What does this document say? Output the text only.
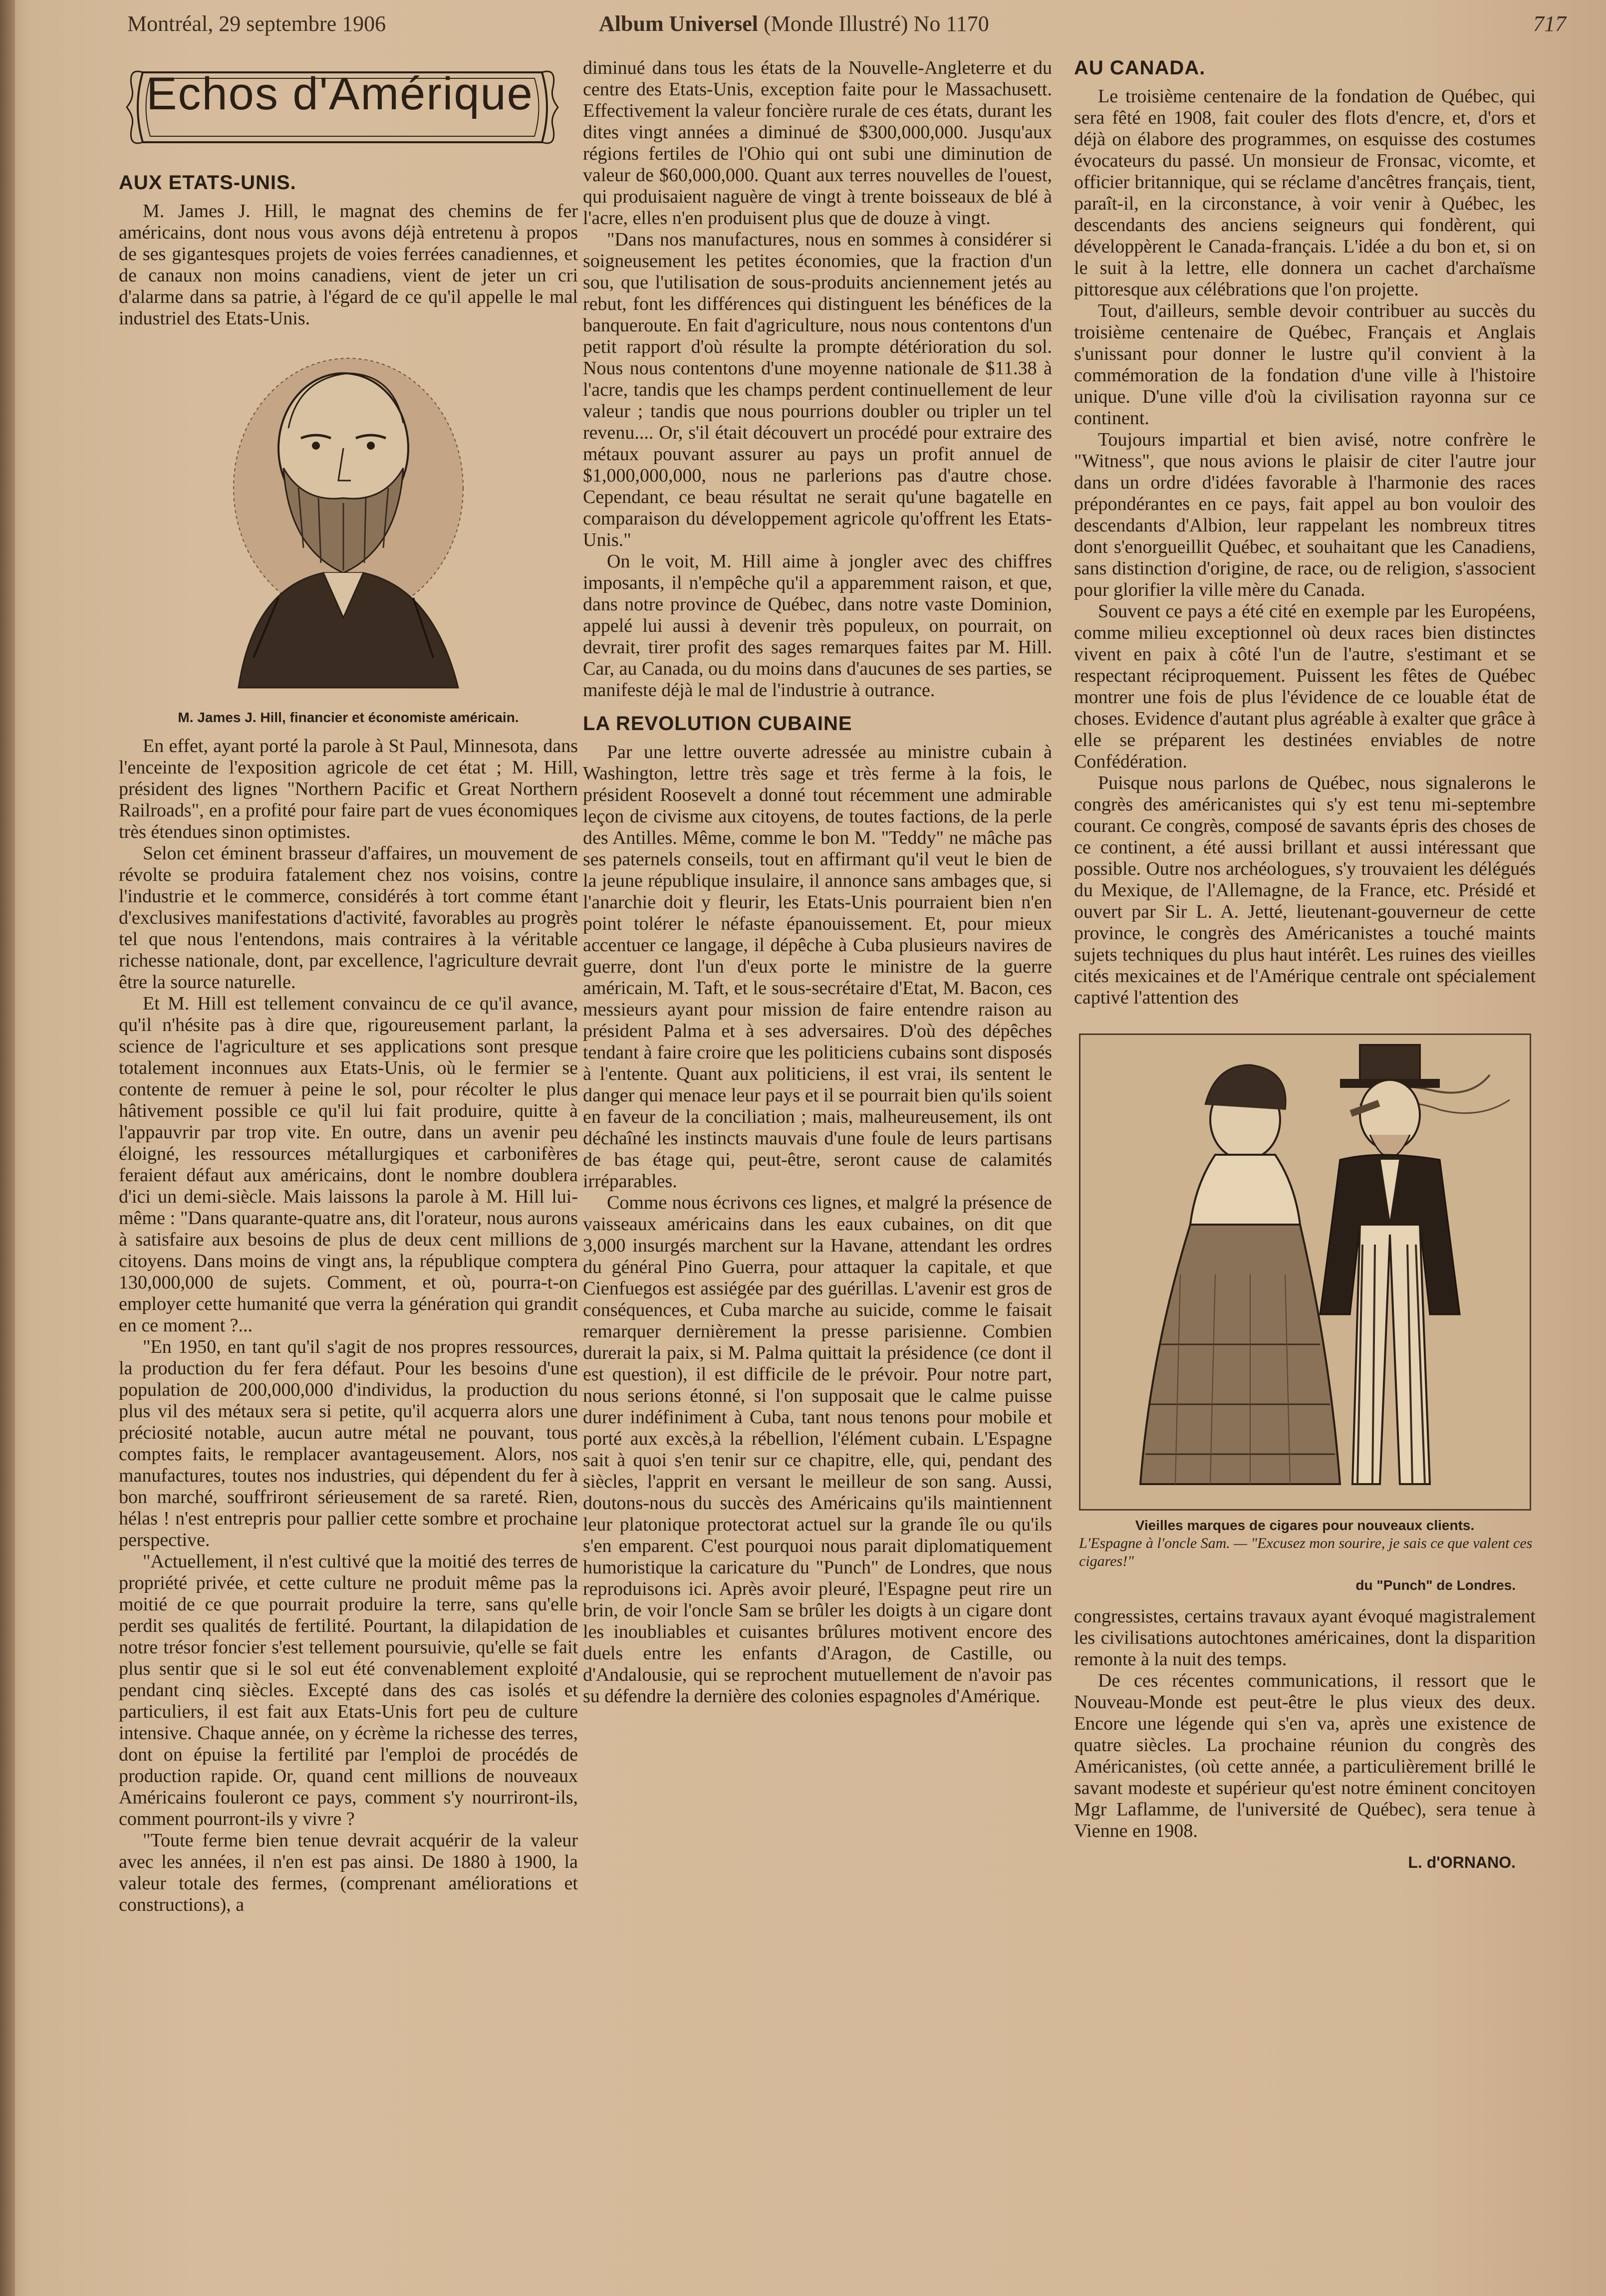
Montréal, 29 septembre 1906	Album Universel (Monde Illustré) No 1170	717
Echos d'Amérique
AUX ETATS-UNIS.

M. James J. Hill, le magnat des chemins de fer américains, dont nous vous avons déjà entretenu à propos de ses gigantesques projets de voies ferrées canadiennes, et de canaux non moins canadiens, vient de jeter un cri d'alarme dans sa patrie, à l'égard de ce qu'il appelle le mal industriel des Etats-Unis.

M. James J. Hill, financier et économiste américain.

En effet, ayant porté la parole à St Paul, Minnesota, dans l'enceinte de l'exposition agricole de cet état ; M. Hill, président des lignes "Northern Pacific et Great Northern Railroads", en a profité pour faire part de vues économiques très étendues sinon optimistes.

Selon cet éminent brasseur d'affaires, un mouvement de révolte se produira fatalement chez nos voisins, contre l'industrie et le commerce, considérés à tort comme étant d'exclusives manifestations d'activité, favorables au progrès tel que nous l'entendons, mais contraires à la véritable richesse nationale, dont, par excellence, l'agriculture devrait être la source naturelle.

Et M. Hill est tellement convaincu de ce qu'il avance, qu'il n'hésite pas à dire que, rigoureusement parlant, la science de l'agriculture et ses applications sont presque totalement inconnues aux Etats-Unis, où le fermier se contente de remuer à peine le sol, pour récolter le plus hâtivement possible ce qu'il lui fait produire, quitte à l'appauvrir par trop vite. En outre, dans un avenir peu éloigné, les ressources métallurgiques et carbonifères feraient défaut aux américains, dont le nombre doublera d'ici un demi-siècle. Mais laissons la parole à M. Hill lui-même : "Dans quarante-quatre ans, dit l'orateur, nous aurons à satisfaire aux besoins de plus de deux cent millions de citoyens. Dans moins de vingt ans, la république comptera 130,000,000 de sujets. Comment, et où, pourra-t-on employer cette humanité que verra la génération qui grandit en ce moment ?...

"En 1950, en tant qu'il s'agit de nos propres ressources, la production du fer fera défaut. Pour les besoins d'une population de 200,000,000 d'individus, la production du plus vil des métaux sera si petite, qu'il acquerra alors une préciosité notable, aucun autre métal ne pouvant, tous comptes faits, le remplacer avantageusement. Alors, nos manufactures, toutes nos industries, qui dépendent du fer à bon marché, souffriront sérieusement de sa rareté. Rien, hélas ! n'est entrepris pour pallier cette sombre et prochaine perspective.

"Actuellement, il n'est cultivé que la moitié des terres de propriété privée, et cette culture ne produit même pas la moitié de ce que pourrait produire la terre, sans qu'elle perdit ses qualités de fertilité. Pourtant, la dilapidation de notre trésor foncier s'est tellement poursuivie, qu'elle se fait plus sentir que si le sol eut été convenablement exploité pendant cinq siècles. Excepté dans des cas isolés et particuliers, il est fait aux Etats-Unis fort peu de culture intensive. Chaque année, on y écrème la richesse des terres, dont on épuise la fertilité par l'emploi de procédés de production rapide. Or, quand cent millions de nouveaux Américains fouleront ce pays, comment s'y nourriront-ils, comment pourront-ils y vivre ?

"Toute ferme bien tenue devrait acquérir de la valeur avec les années, il n'en est pas ainsi. De 1880 à 1900, la valeur totale des fermes, (comprenant améliorations et constructions), a

diminué dans tous les états de la Nouvelle-Angleterre et du centre des Etats-Unis, exception faite pour le Massachusett. Effectivement la valeur foncière rurale de ces états, durant les dites vingt années a diminué de $300,000,000. Jusqu'aux régions fertiles de l'Ohio qui ont subi une diminution de valeur de $60,000,000. Quant aux terres nouvelles de l'ouest, qui produisaient naguère de vingt à trente boisseaux de blé à l'acre, elles n'en produisent plus que de douze à vingt.

"Dans nos manufactures, nous en sommes à considérer si soigneusement les petites économies, que la fraction d'un sou, que l'utilisation de sous-produits anciennement jetés au rebut, font les différences qui distinguent les bénéfices de la banqueroute. En fait d'agriculture, nous nous contentons d'un petit rapport d'où résulte la prompte détérioration du sol. Nous nous contentons d'une moyenne nationale de $11.38 à l'acre, tandis que les champs perdent continuellement de leur valeur ; tandis que nous pourrions doubler ou tripler un tel revenu.... Or, s'il était découvert un procédé pour extraire des métaux pouvant assurer au pays un profit annuel de $1,000,000,000, nous ne parlerions pas d'autre chose. Cependant, ce beau résultat ne serait qu'une bagatelle en comparaison du développement agricole qu'offrent les Etats-Unis."

On le voit, M. Hill aime à jongler avec des chiffres imposants, il n'empêche qu'il a apparemment raison, et que, dans notre province de Québec, dans notre vaste Dominion, appelé lui aussi à devenir très populeux, on pourrait, on devrait, tirer profit des sages remarques faites par M. Hill. Car, au Canada, ou du moins dans d'aucunes de ses parties, se manifeste déjà le mal de l'industrie à outrance.

LA REVOLUTION CUBAINE

Par une lettre ouverte adressée au ministre cubain à Washington, lettre très sage et très ferme à la fois, le président Roosevelt a donné tout récemment une admirable leçon de civisme aux citoyens, de toutes factions, de la perle des Antilles. Même, comme le bon M. "Teddy" ne mâche pas ses paternels conseils, tout en affirmant qu'il veut le bien de la jeune république insulaire, il annonce sans ambages que, si l'anarchie doit y fleurir, les Etats-Unis pourraient bien n'en point tolérer le néfaste épanouissement. Et, pour mieux accentuer ce langage, il dépêche à Cuba plusieurs navires de guerre, dont l'un d'eux porte le ministre de la guerre américain, M. Taft, et le sous-secrétaire d'Etat, M. Bacon, ces messieurs ayant pour mission de faire entendre raison au président Palma et à ses adversaires. D'où des dépêches tendant à faire croire que les politiciens cubains sont disposés à l'entente. Quant aux politiciens, il est vrai, ils sentent le danger qui menace leur pays et il se pourrait bien qu'ils soient en faveur de la conciliation ; mais, malheureusement, ils ont déchaîné les instincts mauvais d'une foule de leurs partisans de bas étage qui, peut-être, seront cause de calamités irréparables.

Comme nous écrivons ces lignes, et malgré la présence de vaisseaux américains dans les eaux cubaines, on dit que 3,000 insurgés marchent sur la Havane, attendant les ordres du général Pino Guerra, pour attaquer la capitale, et que Cienfuegos est assiégée par des guérillas. L'avenir est gros de conséquences, et Cuba marche au suicide, comme le faisait remarquer dernièrement la presse parisienne. Combien durerait la paix, si M. Palma quittait la présidence (ce dont il est question), il est difficile de le prévoir. Pour notre part, nous serions étonné, si l'on supposait que le calme puisse durer indéfiniment à Cuba, tant nous tenons pour mobile et porté aux excès,à la rébellion, l'élément cubain. L'Espagne sait à quoi s'en tenir sur ce chapitre, elle, qui, pendant des siècles, l'apprit en versant le meilleur de son sang. Aussi, doutons-nous du succès des Américains qu'ils maintiennent leur platonique protectorat actuel sur la grande île ou qu'ils s'en emparent. C'est pourquoi nous parait diplomatiquement humoristique la caricature du "Punch" de Londres, que nous reproduisons ici. Après avoir pleuré, l'Espagne peut rire un brin, de voir l'oncle Sam se brûler les doigts à un cigare dont les inoubliables et cuisantes brûlures motivent encore des duels entre les enfants d'Aragon, de Castille, ou d'Andalousie, qui se reprochent mutuellement de n'avoir pas su défendre la dernière des colonies espagnoles d'Amérique.

AU CANADA.

Le troisième centenaire de la fondation de Québec, qui sera fêté en 1908, fait couler des flots d'encre, et, d'ors et déjà on élabore des programmes, on esquisse des costumes évocateurs du passé. Un monsieur de Fronsac, vicomte, et officier britannique, qui se réclame d'ancêtres français, tient, paraît-il, en la circonstance, à voir venir à Québec, les descendants des anciens seigneurs qui fondèrent, qui développèrent le Canada-français. L'idée a du bon et, si on le suit à la lettre, elle donnera un cachet d'archaïsme pittoresque aux célébrations que l'on projette.

Tout, d'ailleurs, semble devoir contribuer au succès du troisième centenaire de Québec, Français et Anglais s'unissant pour donner le lustre qu'il convient à la commémoration de la fondation d'une ville à l'histoire unique. D'une ville d'où la civilisation rayonna sur ce continent.

Toujours impartial et bien avisé, notre confrère le "Witness", que nous avions le plaisir de citer l'autre jour dans un ordre d'idées favorable à l'harmonie des races prépondérantes en ce pays, fait appel au bon vouloir des descendants d'Albion, leur rappelant les nombreux titres dont s'enorgueillit Québec, et souhaitant que les Canadiens, sans distinction d'origine, de race, ou de religion, s'associent pour glorifier la ville mère du Canada.

Souvent ce pays a été cité en exemple par les Européens, comme milieu exceptionnel où deux races bien distinctes vivent en paix à côté l'un de l'autre, s'estimant et se respectant réciproquement. Puissent les fêtes de Québec montrer une fois de plus l'évidence de ce louable état de choses. Evidence d'autant plus agréable à exalter que grâce à elle se préparent les destinées enviables de notre Confédération.

Puisque nous parlons de Québec, nous signalerons le congrès des américanistes qui s'y est tenu mi-septembre courant. Ce congrès, composé de savants épris des choses de ce continent, a été aussi brillant et aussi intéressant que possible. Outre nos archéologues, s'y trouvaient les délégués du Mexique, de l'Allemagne, de la France, etc. Présidé et ouvert par Sir L. A. Jetté, lieutenant-gouverneur de cette province, le congrès des Américanistes a touché maints sujets techniques du plus haut intérêt. Les ruines des vieilles cités mexicaines et de l'Amérique centrale ont spécialement captivé l'attention des

Vieilles marques de cigares pour nouveaux clients.
L'Espagne à l'oncle Sam. — "Excusez mon sourire, je sais ce que valent ces cigares!"
du "Punch" de Londres.

congressistes, certains travaux ayant évoqué magistralement les civilisations autochtones américaines, dont la disparition remonte à la nuit des temps.

De ces récentes communications, il ressort que le Nouveau-Monde est peut-être le plus vieux des deux. Encore une légende qui s'en va, après une existence de quatre siècles. La prochaine réunion du congrès des Américanistes, (où cette année, a particulièrement brillé le savant modeste et supérieur qu'est notre éminent concitoyen Mgr Laflamme, de l'université de Québec), sera tenue à Vienne en 1908.

L. d'ORNANO.
